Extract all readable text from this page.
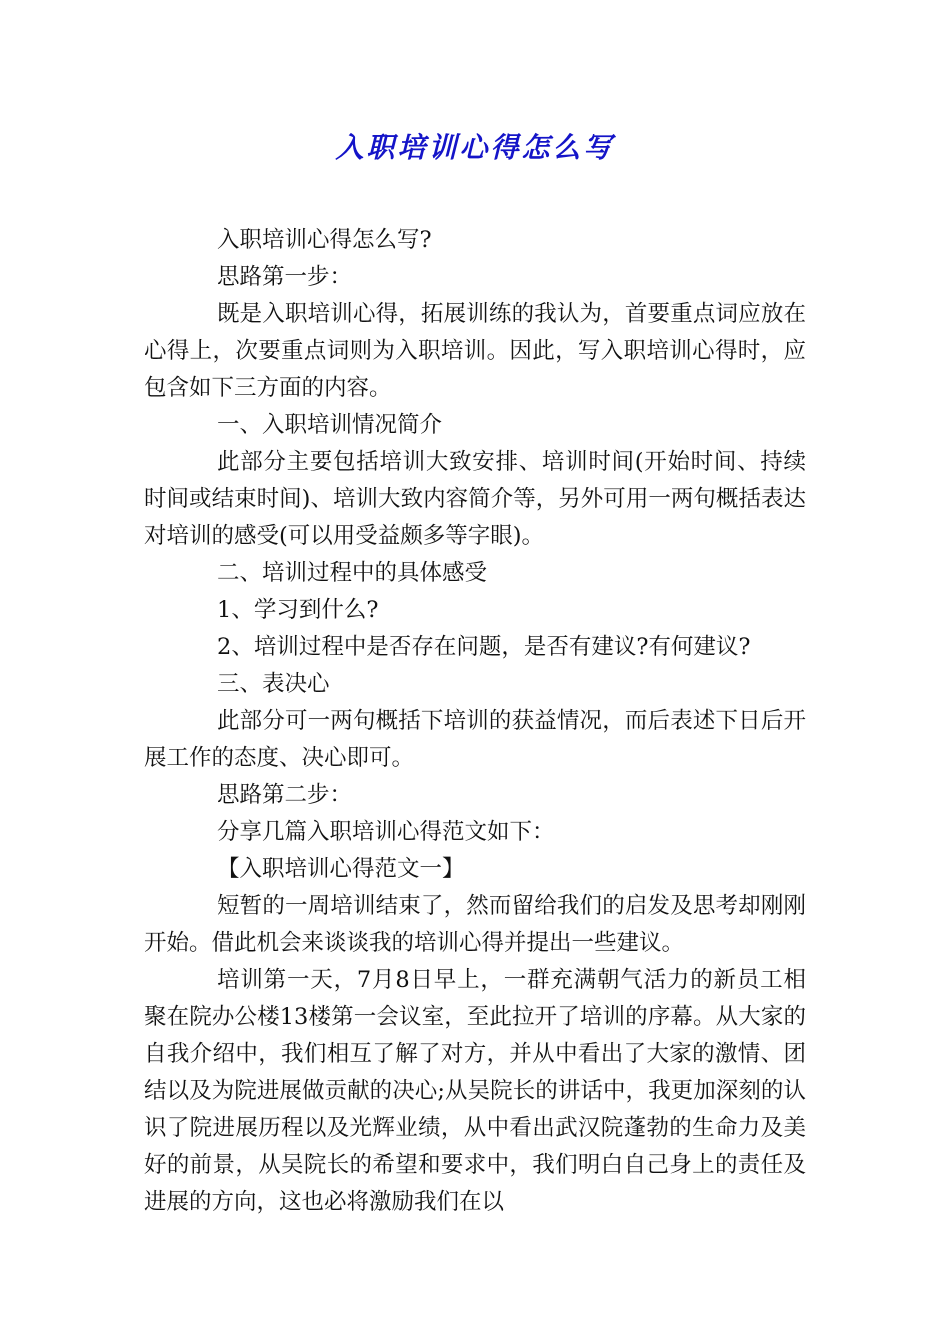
入职培训心得怎么写

入职培训心得怎么写?

思路第一步：

既是入职培训心得，拓展训练的我认为，首要重点词应放在心得上，次要重点词则为入职培训。因此，写入职培训心得时，应包含如下三方面的内容。

一、入职培训情况简介

此部分主要包括培训大致安排、培训时间(开始时间、持续时间或结束时间)、培训大致内容简介等，另外可用一两句概括表达对培训的感受(可以用受益颇多等字眼)。

二、培训过程中的具体感受

1、学习到什么?

2、培训过程中是否存在问题，是否有建议?有何建议?

三、表决心

此部分可一两句概括下培训的获益情况，而后表述下日后开展工作的态度、决心即可。

思路第二步：

分享几篇入职培训心得范文如下：

【入职培训心得范文一】

短暂的一周培训结束了，然而留给我们的启发及思考却刚刚开始。借此机会来谈谈我的培训心得并提出一些建议。

培训第一天，7月8日早上，一群充满朝气活力的新员工相聚在院办公楼13楼第一会议室，至此拉开了培训的序幕。从大家的自我介绍中，我们相互了解了对方，并从中看出了大家的激情、团结以及为院进展做贡献的决心;从吴院长的讲话中，我更加深刻的认识了院进展历程以及光辉业绩，从中看出武汉院蓬勃的生命力及美好的前景，从吴院长的希望和要求中，我们明白自己身上的责任及进展的方向，这也必将激励我们在以
